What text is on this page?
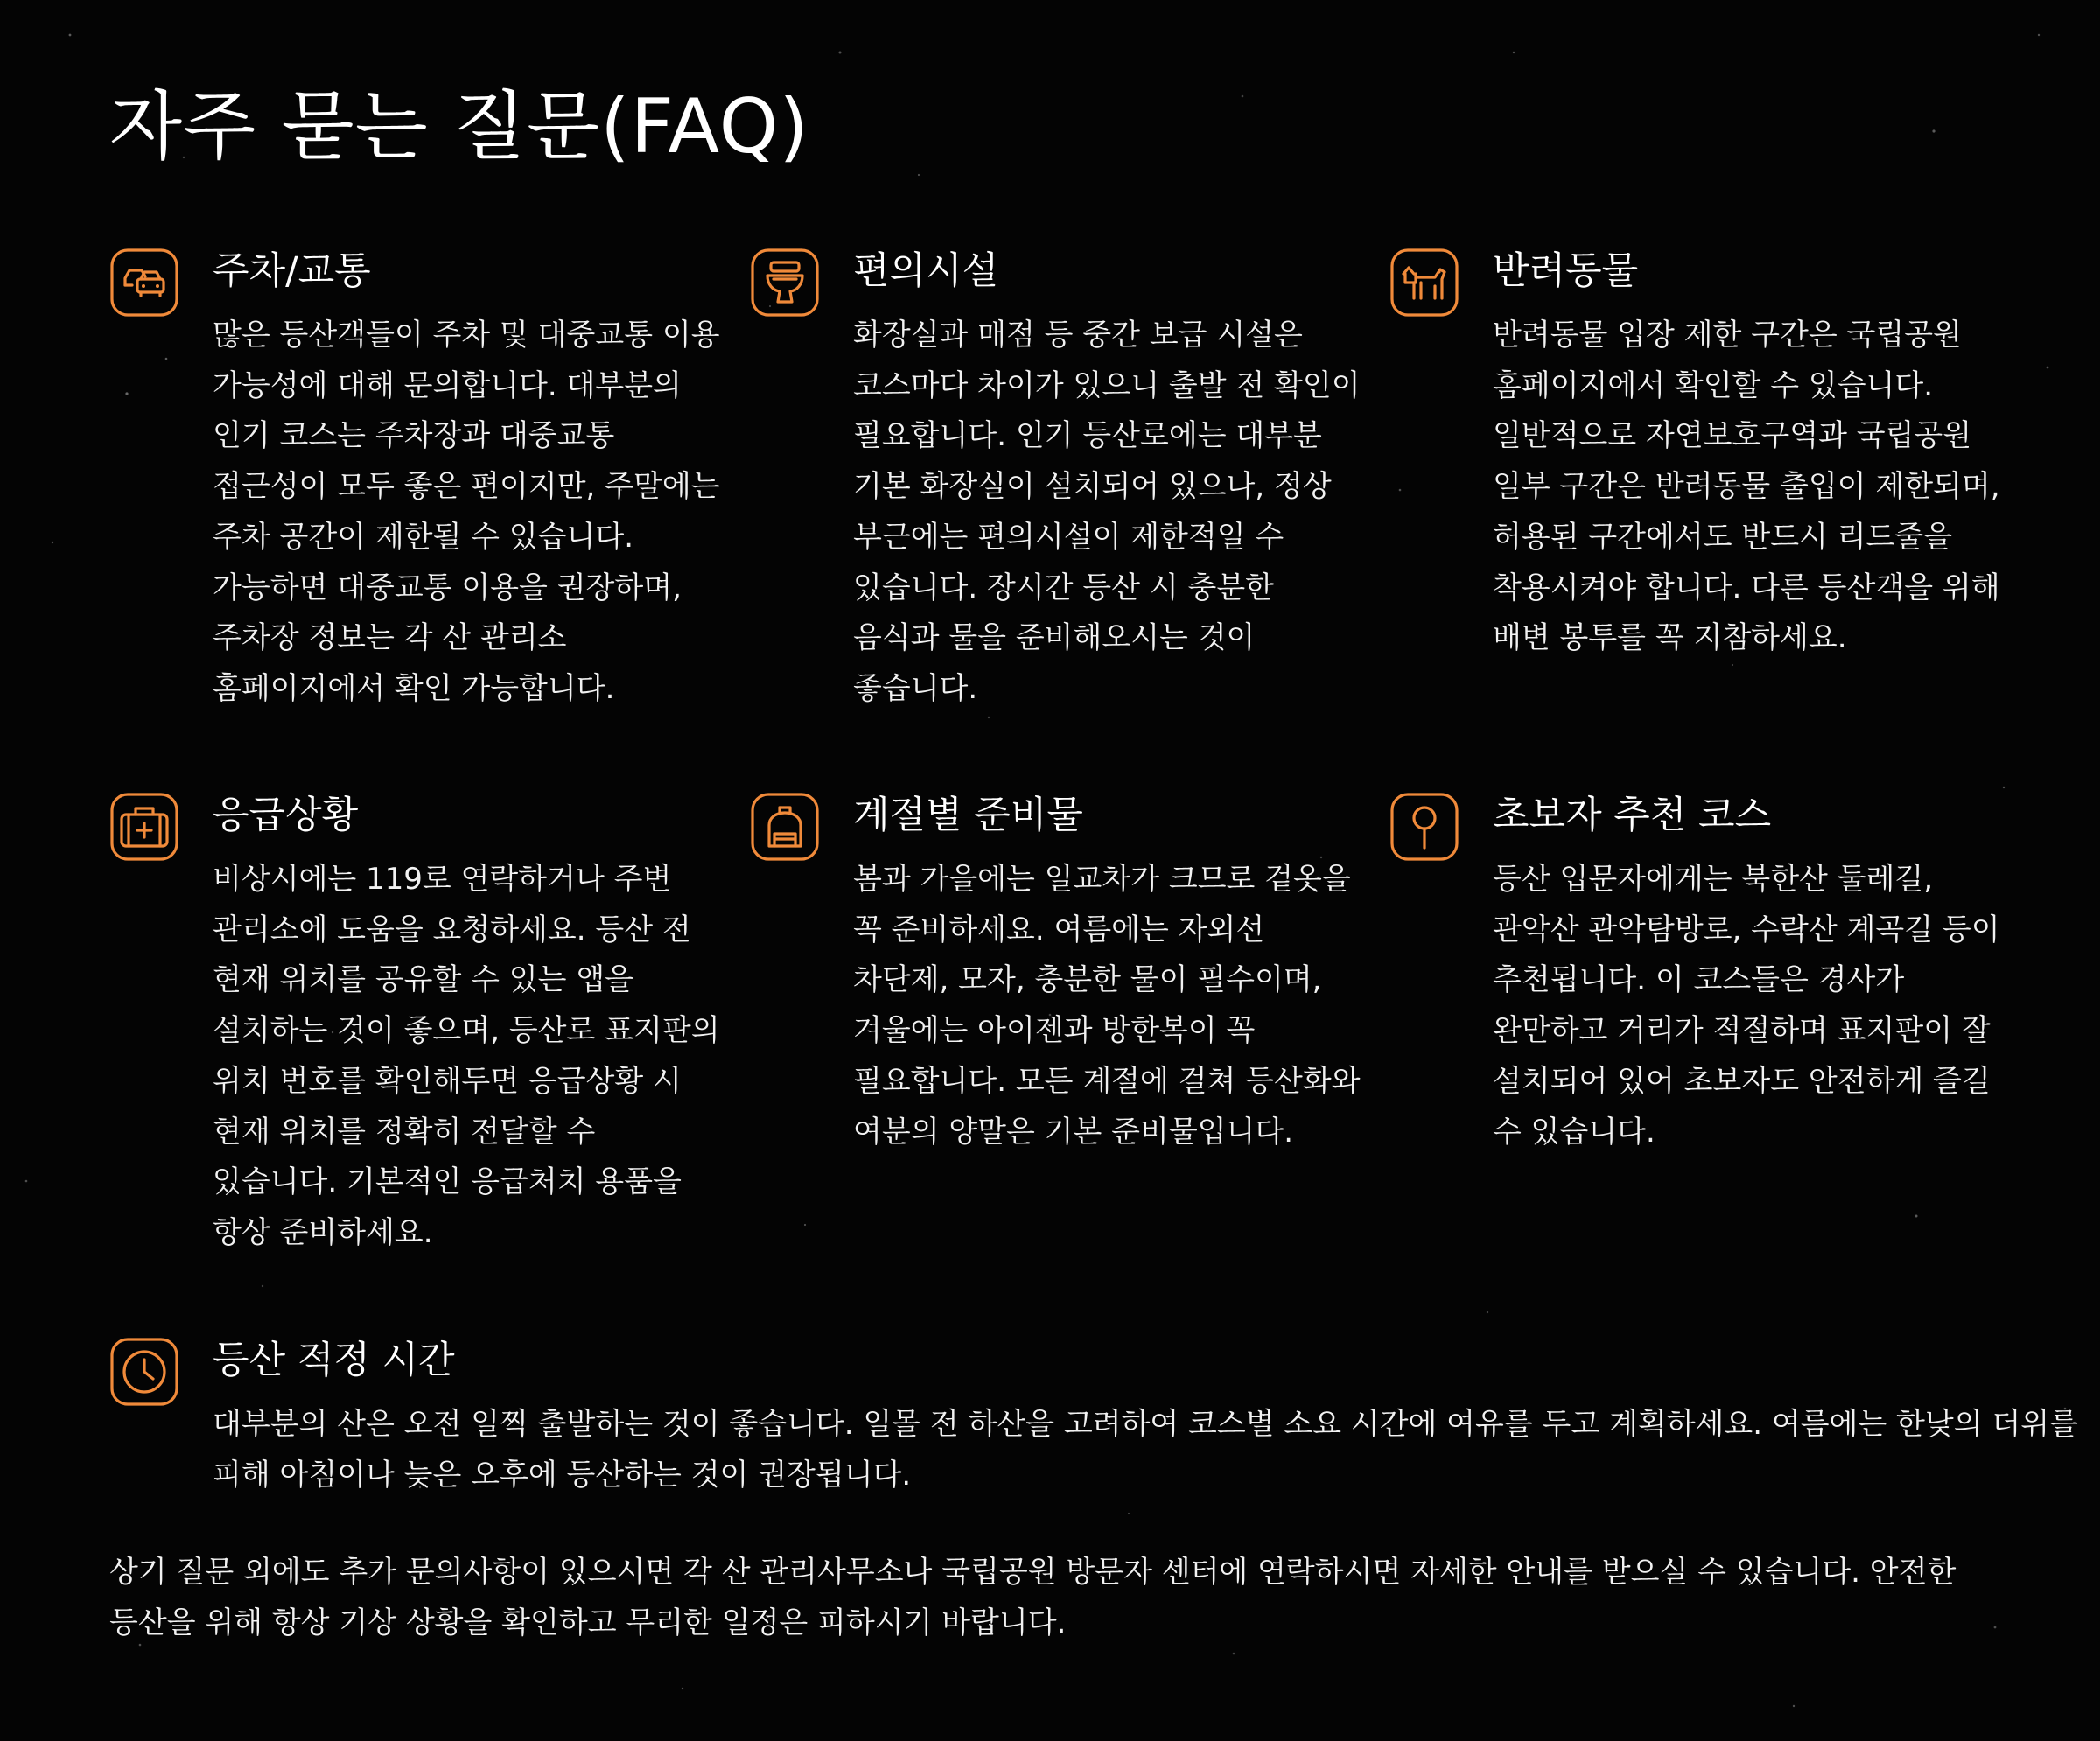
자주 묻는 질문(FAQ)
주차/교통

많은 등산객들이 주차 및 대중교통 이용 가능성에 대해 문의합니다. 대부분의 인기 코스는 주차장과 대중교통 접근성이 모두 좋은 편이지만, 주말에는 주차 공간이 제한될 수 있습니다. 가능하면 대중교통 이용을 권장하며, 주차장 정보는 각 산 관리소 홈페이지에서 확인 가능합니다.

편의시설

화장실과 매점 등 중간 보급 시설은 코스마다 차이가 있으니 출발 전 확인이 필요합니다. 인기 등산로에는 대부분 기본 화장실이 설치되어 있으나, 정상 부근에는 편의시설이 제한적일 수 있습니다. 장시간 등산 시 충분한 음식과 물을 준비해오시는 것이 좋습니다.

반려동물

반려동물 입장 제한 구간은 국립공원 홈페이지에서 확인할 수 있습니다. 일반적으로 자연보호구역과 국립공원 일부 구간은 반려동물 출입이 제한되며, 허용된 구간에서도 반드시 리드줄을 착용시켜야 합니다. 다른 등산객을 위해 배변 봉투를 꼭 지참하세요.

응급상황

비상시에는 119로 연락하거나 주변 관리소에 도움을 요청하세요. 등산 전 현재 위치를 공유할 수 있는 앱을 설치하는 것이 좋으며, 등산로 표지판의 위치 번호를 확인해두면 응급상황 시 현재 위치를 정확히 전달할 수 있습니다. 기본적인 응급처치 용품을 항상 준비하세요.

계절별 준비물

봄과 가을에는 일교차가 크므로 겉옷을 꼭 준비하세요. 여름에는 자외선 차단제, 모자, 충분한 물이 필수이며, 겨울에는 아이젠과 방한복이 꼭 필요합니다. 모든 계절에 걸쳐 등산화와 여분의 양말은 기본 준비물입니다.

초보자 추천 코스

등산 입문자에게는 북한산 둘레길, 관악산 관악탐방로, 수락산 계곡길 등이 추천됩니다. 이 코스들은 경사가 완만하고 거리가 적절하며 표지판이 잘 설치되어 있어 초보자도 안전하게 즐길 수 있습니다.

등산 적정 시간

대부분의 산은 오전 일찍 출발하는 것이 좋습니다. 일몰 전 하산을 고려하여 코스별 소요 시간에 여유를 두고 계획하세요. 여름에는 한낮의 더위를 피해 아침이나 늦은 오후에 등산하는 것이 권장됩니다.

상기 질문 외에도 추가 문의사항이 있으시면 각 산 관리사무소나 국립공원 방문자 센터에 연락하시면 자세한 안내를 받으실 수 있습니다. 안전한 등산을 위해 항상 기상 상황을 확인하고 무리한 일정은 피하시기 바랍니다.
